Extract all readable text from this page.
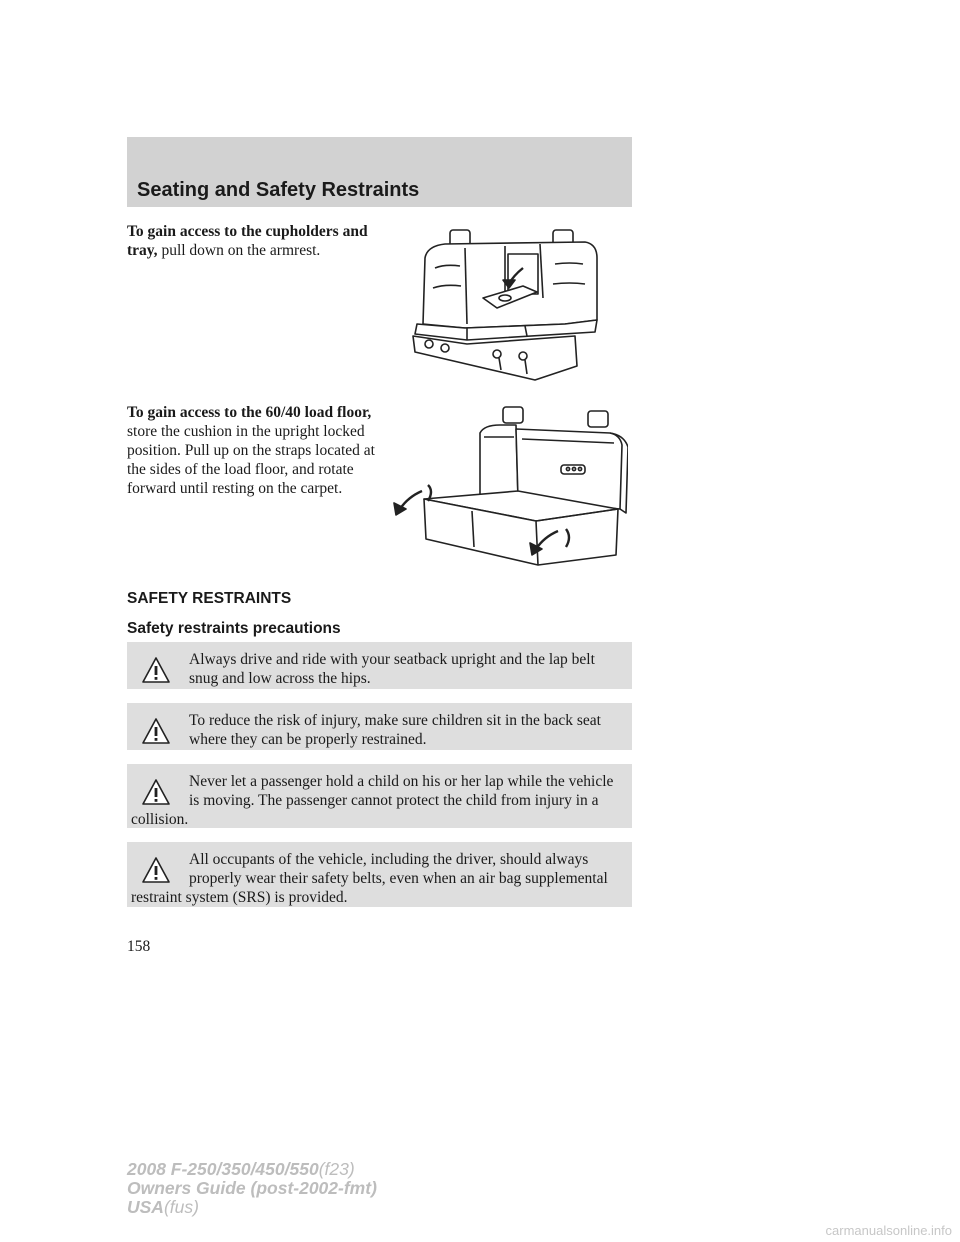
Seating and Safety Restraints
To gain access to the cupholders and tray, pull down on the armrest.
To gain access to the 60/40 load floor, store the cushion in the upright locked position. Pull up on the straps located at the sides of the load floor, and rotate forward until resting on the carpet.
SAFETY RESTRAINTS
Safety restraints precautions
Always drive and ride with your seatback upright and the lap belt snug and low across the hips.
To reduce the risk of injury, make sure children sit in the back seat where they can be properly restrained.
Never let a passenger hold a child on his or her lap while the vehicle is moving. The passenger cannot protect the child from injury in a collision.
All occupants of the vehicle, including the driver, should always properly wear their safety belts, even when an air bag supplemental restraint system (SRS) is provided.
158
2008 F-250/350/450/550(f23)
Owners Guide (post-2002-fmt)
USA(fus)
carmanualsonline.info
